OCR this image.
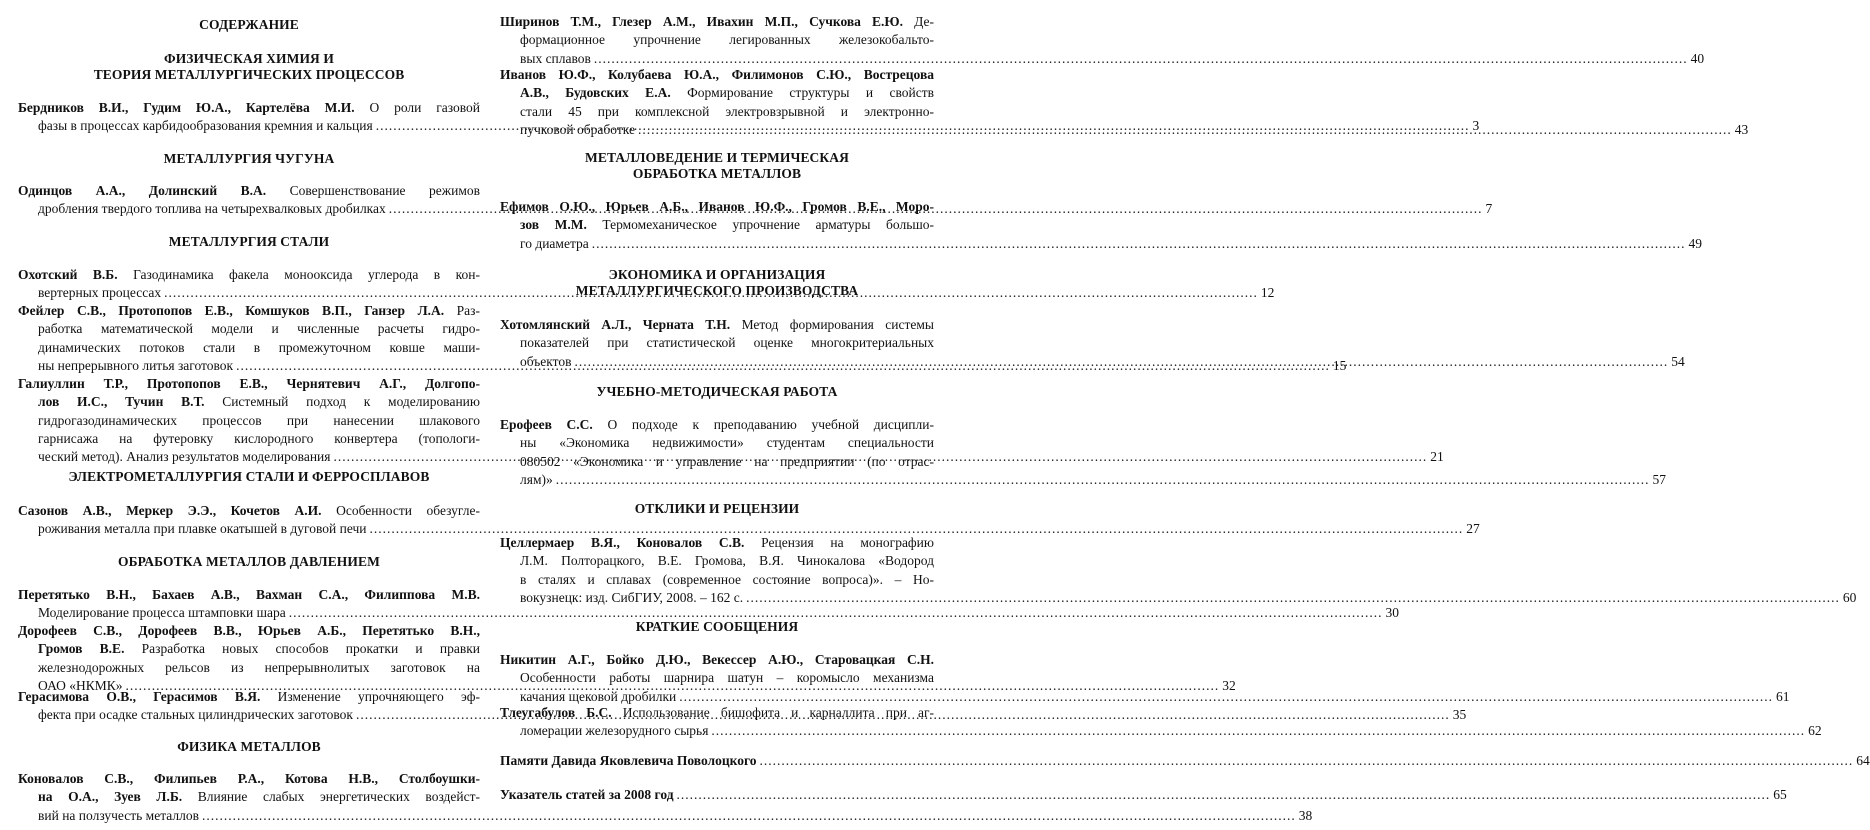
СОДЕРЖАНИЕ
ФИЗИЧЕСКАЯ ХИМИЯ И
ТЕОРИЯ МЕТАЛЛУРГИЧЕСКИХ ПРОЦЕССОВ
Бердников В.И., Гудим Ю.А., Картелёва М.И. О роли газовой
фазы в процессах карбидообразования кремния и кальция .....	3
МЕТАЛЛУРГИЯ ЧУГУНА
Одинцов А.А., Долинский В.А. Совершенствование режимов
дробления твердого топлива на четырехвалковых дробилках .....	7
МЕТАЛЛУРГИЯ СТАЛИ
Охотский В.Б. Газодинамика факела монооксида углерода в кон-
вертерных процессах .....	12
Фейлер С.В., Протопопов Е.В., Комшуков В.П., Ганзер Л.А. Раз-
работка математической модели и численные расчеты гидро-
динамических потоков стали в промежуточном ковше маши-
ны непрерывного литья заготовок .....	15
Галиуллин Т.Р., Протопопов Е.В., Чернятевич А.Г., Долгопо-
лов И.С., Тучин В.Т. Системный подход к моделированию
гидрогазодинамических процессов при нанесении шлакового
гарнисажа на футеровку кислородного конвертера (топологи-
ческий метод). Анализ результатов моделирования .....	21
ЭЛЕКТРОМЕТАЛЛУРГИЯ СТАЛИ И ФЕРРОСПЛАВОВ
Сазонов А.В., Меркер Э.Э., Кочетов А.И. Особенности обезугле-
роживания металла при плавке окатышей в дуговой печи .....	27
ОБРАБОТКА МЕТАЛЛОВ ДАВЛЕНИЕМ
Перетятько В.Н., Бахаев А.В., Вахман С.А., Филиппова М.В.
Моделирование процесса штамповки шара .....	30
Дорофеев С.В., Дорофеев В.В., Юрьев А.Б., Перетятько В.Н.,
Громов В.Е. Разработка новых способов прокатки и правки
железнодорожных рельсов из непрерывнолитых заготовок на
ОАО «НКМК» .....	32
Герасимова О.В., Герасимов В.Я. Изменение упрочняющего эф-
фекта при осадке стальных цилиндрических заготовок .....	35
ФИЗИКА МЕТАЛЛОВ
Коновалов С.В., Филипьев Р.А., Котова Н.В., Столбоушки-
на О.А., Зуев Л.Б. Влияние слабых энергетических воздейст-
вий на ползучесть металлов .....	38
Ширинов Т.М., Глезер А.М., Ивахин М.П., Сучкова Е.Ю. Де-
формационное упрочнение легированных железокобальто-
вых сплавов .....	40
Иванов Ю.Ф., Колубаева Ю.А., Филимонов С.Ю., Вострецова
А.В., Будовских Е.А. Формирование структуры и свойств
стали 45 при комплексной электровзрывной и электронно-
пучковой обработке .....	43
МЕТАЛЛОВЕДЕНИЕ И ТЕРМИЧЕСКАЯ
ОБРАБОТКА МЕТАЛЛОВ
Ефимов О.Ю., Юрьев А.Б., Иванов Ю.Ф., Громов В.Е., Моро-
зов М.М. Термомеханическое упрочнение арматуры большо-
го диаметра .....	49
ЭКОНОМИКА И ОРГАНИЗАЦИЯ
МЕТАЛЛУРГИЧЕСКОГО ПРОИЗВОДСТВА
Хотомлянский А.Л., Черната Т.Н. Метод формирования системы
показателей при статистической оценке многокритериальных
объектов .....	54
УЧЕБНО-МЕТОДИЧЕСКАЯ РАБОТА
Ерофеев С.С. О подходе к преподаванию учебной дисципли-
ны «Экономика недвижимости» студентам специальности
080502 «Экономика и управление на предприятии (по отрас-
лям)» .....	57
ОТКЛИКИ И РЕЦЕНЗИИ
Целлермаер В.Я., Коновалов С.В. Рецензия на монографию
Л.М. Полторацкого, В.Е. Громова, В.Я. Чинокалова «Водород
в сталях и сплавах (современное состояние вопроса)». – Но-
вокузнецк: изд. СибГИУ, 2008. – 162 с. .....	60
КРАТКИЕ СООБЩЕНИЯ
Никитин А.Г., Бойко Д.Ю., Векессер А.Ю., Старовацкая С.Н.
Особенности работы шарнира шатун – коромысло механизма
качания щековой дробилки .....	61
Тлеугабулов Б.С. Использование бишофита и карналлита при аг-
ломерации железорудного сырья .....	62
Памяти Давида Яковлевича Поволоцкого .....	64
Указатель статей за 2008 год .....	65
